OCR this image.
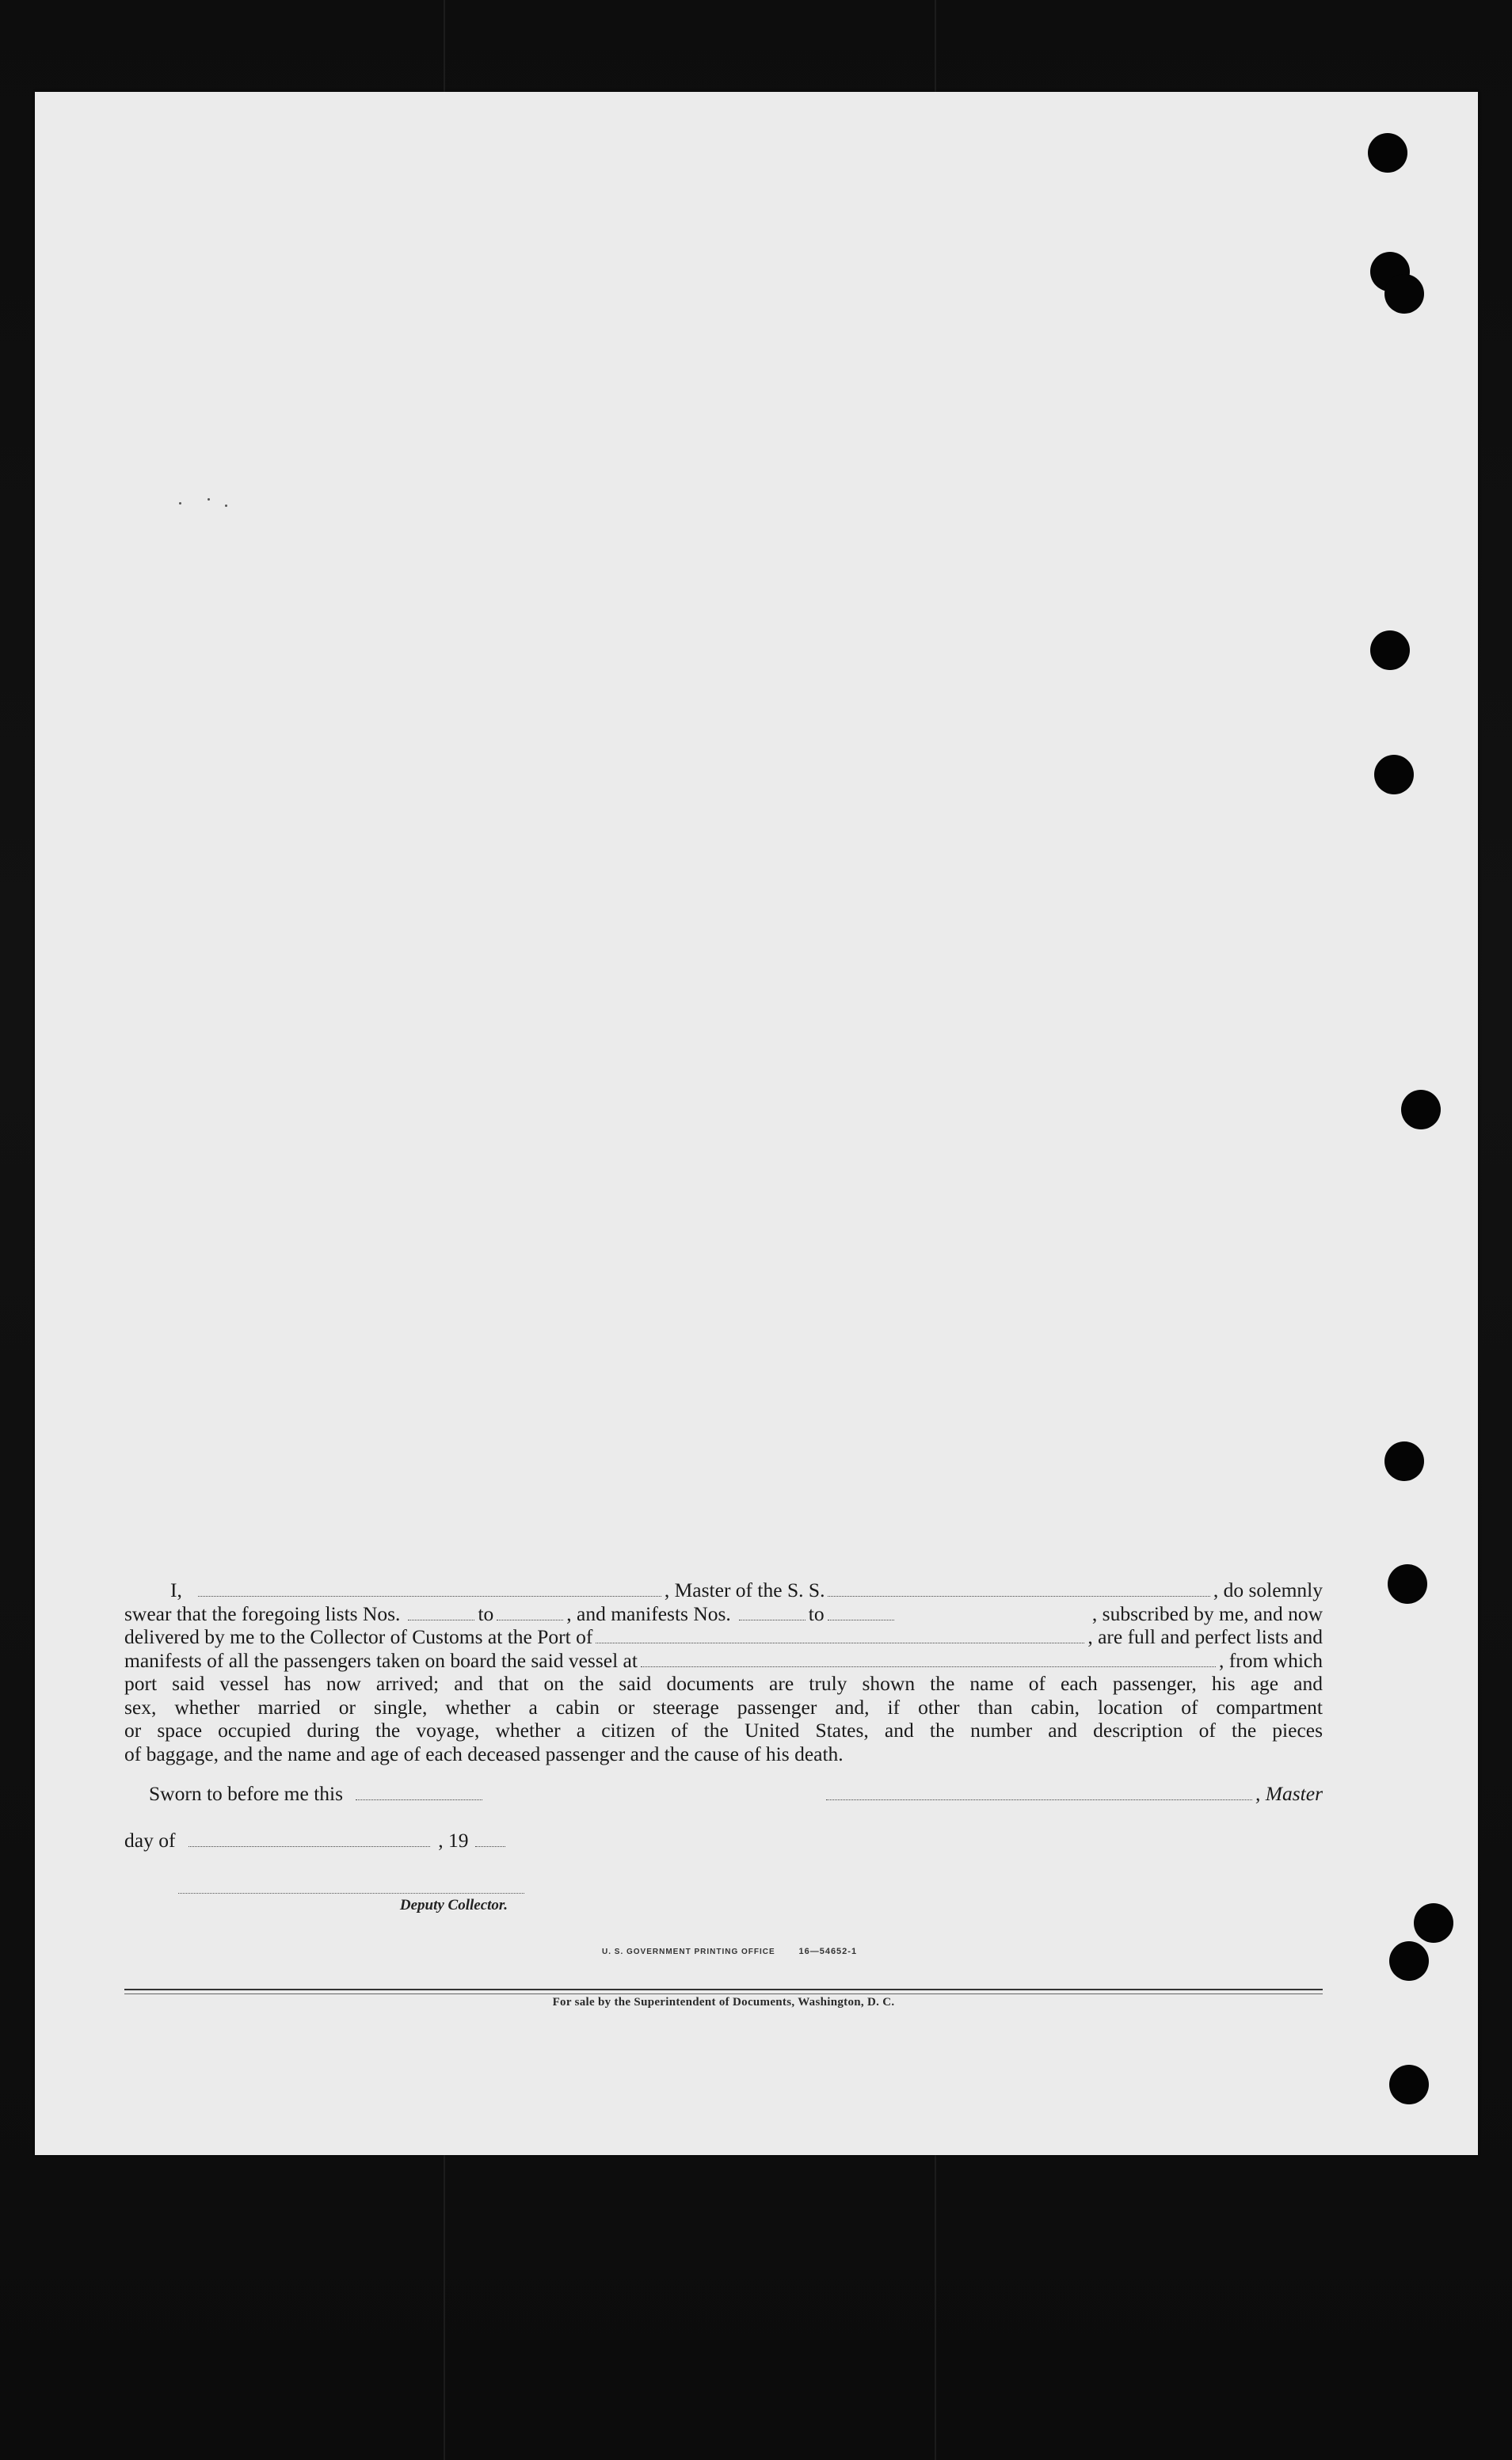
I,	, Master of the S. S.	, do solemnly
swear that the foregoing lists Nos.	to	, and manifests Nos.	to	, subscribed by me, and now
delivered by me to the Collector of Customs at the Port of	, are full and perfect lists and
manifests of all the passengers taken on board the said vessel at	, from which
port said vessel has now arrived; and that on the said documents are truly shown the name of each passenger, his age and
sex, whether married or single, whether a cabin or steerage passenger and, if other than cabin, location of compartment
or space occupied during the voyage, whether a citizen of the United States, and the number and description of the pieces
of baggage, and the name and age of each deceased passenger and the cause of his death.
Sworn to before me this	, Master
day of	, 19
Deputy Collector.
U. S. GOVERNMENT PRINTING OFFICE	16—54652-1
For sale by the Superintendent of Documents, Washington, D. C.
